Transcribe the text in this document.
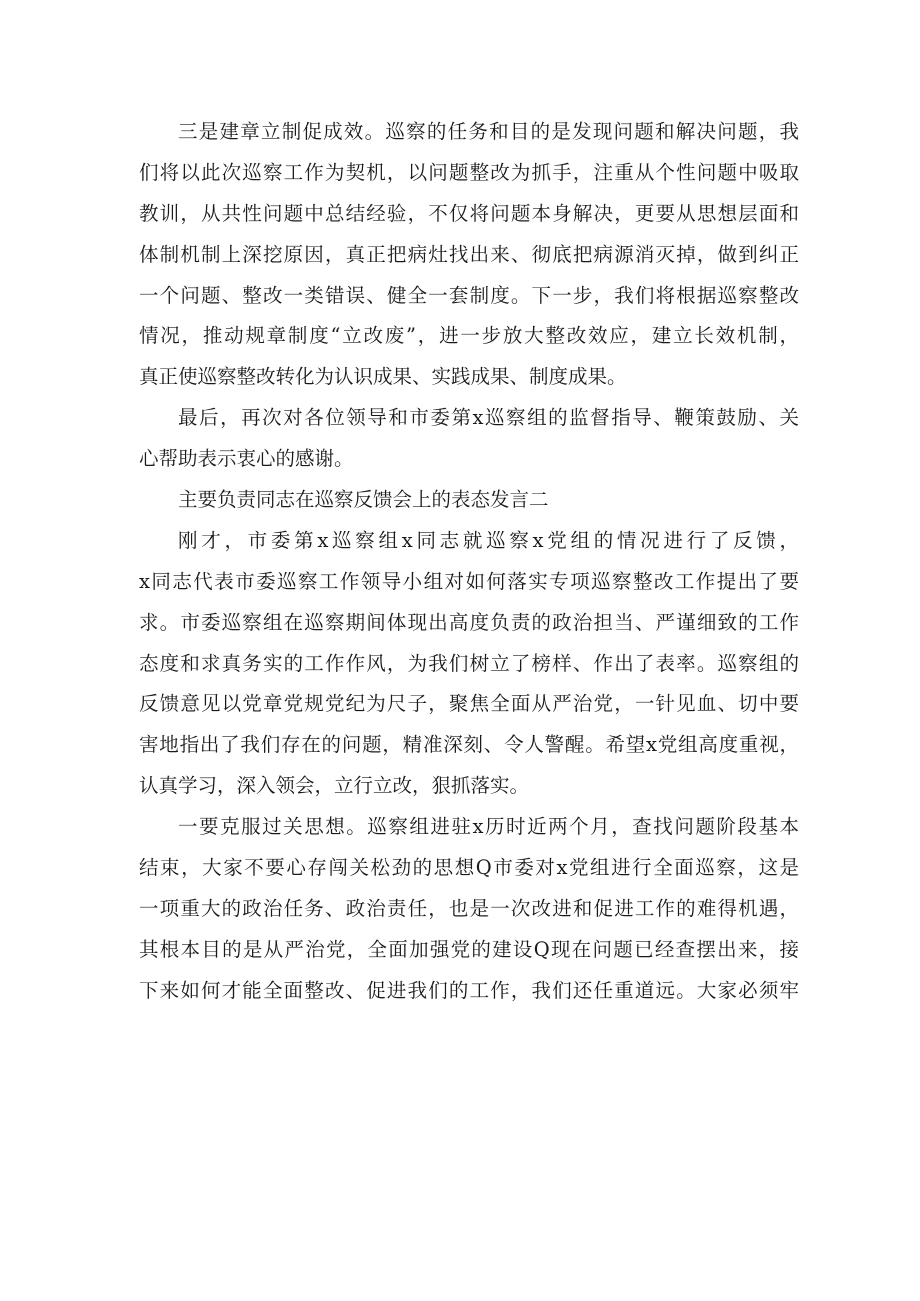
三是建章立制促成效。巡察的任务和目的是发现问题和解决问题，我
们将以此次巡察工作为契机，以问题整改为抓手，注重从个性问题中吸取
教训，从共性问题中总结经验，不仅将问题本身解决，更要从思想层面和
体制机制上深挖原因，真正把病灶找出来、彻底把病源消灭掉，做到纠正
一个问题、整改一类错误、健全一套制度。下一步，我们将根据巡察整改
情况，推动规章制度“立改废”，进一步放大整改效应，建立长效机制，
真正使巡察整改转化为认识成果、实践成果、制度成果。
最后，再次对各位领导和市委第x巡察组的监督指导、鞭策鼓励、关
心帮助表示衷心的感谢。
主要负责同志在巡察反馈会上的表态发言二
刚才，市委第x巡察组x同志就巡察x党组的情况进行了反馈，
x同志代表市委巡察工作领导小组对如何落实专项巡察整改工作提出了要
求。市委巡察组在巡察期间体现出高度负责的政治担当、严谨细致的工作
态度和求真务实的工作作风，为我们树立了榜样、作出了表率。巡察组的
反馈意见以党章党规党纪为尺子，聚焦全面从严治党，一针见血、切中要
害地指出了我们存在的问题，精准深刻、令人警醒。希望x党组高度重视，
认真学习，深入领会，立行立改，狠抓落实。
一要克服过关思想。巡察组进驻x历时近两个月，查找问题阶段基本
结束，大家不要心存闯关松劲的思想Q市委对x党组进行全面巡察，这是
一项重大的政治任务、政治责任，也是一次改进和促进工作的难得机遇，
其根本目的是从严治党，全面加强党的建设Q现在问题已经查摆出来，接
下来如何才能全面整改、促进我们的工作，我们还任重道远。大家必须牢
